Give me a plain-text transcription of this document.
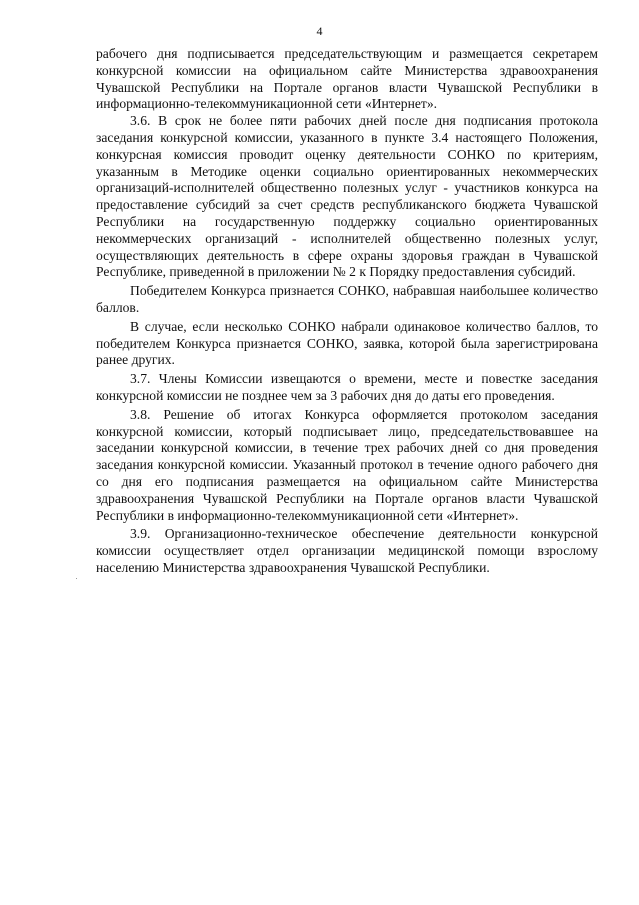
4

рабочего дня подписывается председательствующим и размещается секретарем конкурсной комиссии на официальном сайте Министерства здравоохранения Чувашской Республики на Портале органов власти Чувашской Республики в информационно-телекоммуникационной сети «Интернет».

3.6. В срок не более пяти рабочих дней после дня подписания протокола заседания конкурсной комиссии, указанного в пункте 3.4 настоящего Положения, конкурсная комиссия проводит оценку деятельности СОНКО по критериям, указанным в Методике оценки социально ориентированных некоммерческих организаций-исполнителей общественно полезных услуг - участников конкурса на предоставление субсидий за счет средств республиканского бюджета Чувашской Республики на государственную поддержку социально ориентированных некоммерческих организаций - исполнителей общественно полезных услуг, осуществляющих деятельность в сфере охраны здоровья граждан в Чувашской Республике, приведенной в приложении № 2 к Порядку предоставления субсидий.

Победителем Конкурса признается СОНКО, набравшая наибольшее количество баллов.

В случае, если несколько СОНКО набрали одинаковое количество баллов, то победителем Конкурса признается СОНКО, заявка, которой была зарегистрирована ранее других.

3.7. Члены Комиссии извещаются о времени, месте и повестке заседания конкурсной комиссии не позднее чем за 3 рабочих дня до даты его проведения.

3.8. Решение об итогах Конкурса оформляется протоколом заседания конкурсной комиссии, который подписывает лицо, председательствовавшее на заседании конкурсной комиссии, в течение трех рабочих дней со дня проведения заседания конкурсной комиссии. Указанный протокол в течение одного рабочего дня со дня его подписания размещается на официальном сайте Министерства здравоохранения Чувашской Республики на Портале органов власти Чувашской Республики в информационно-телекоммуникационной сети «Интернет».

3.9. Организационно-техническое обеспечение деятельности конкурсной комиссии осуществляет отдел организации медицинской помощи взрослому населению Министерства здравоохранения Чувашской Республики.
